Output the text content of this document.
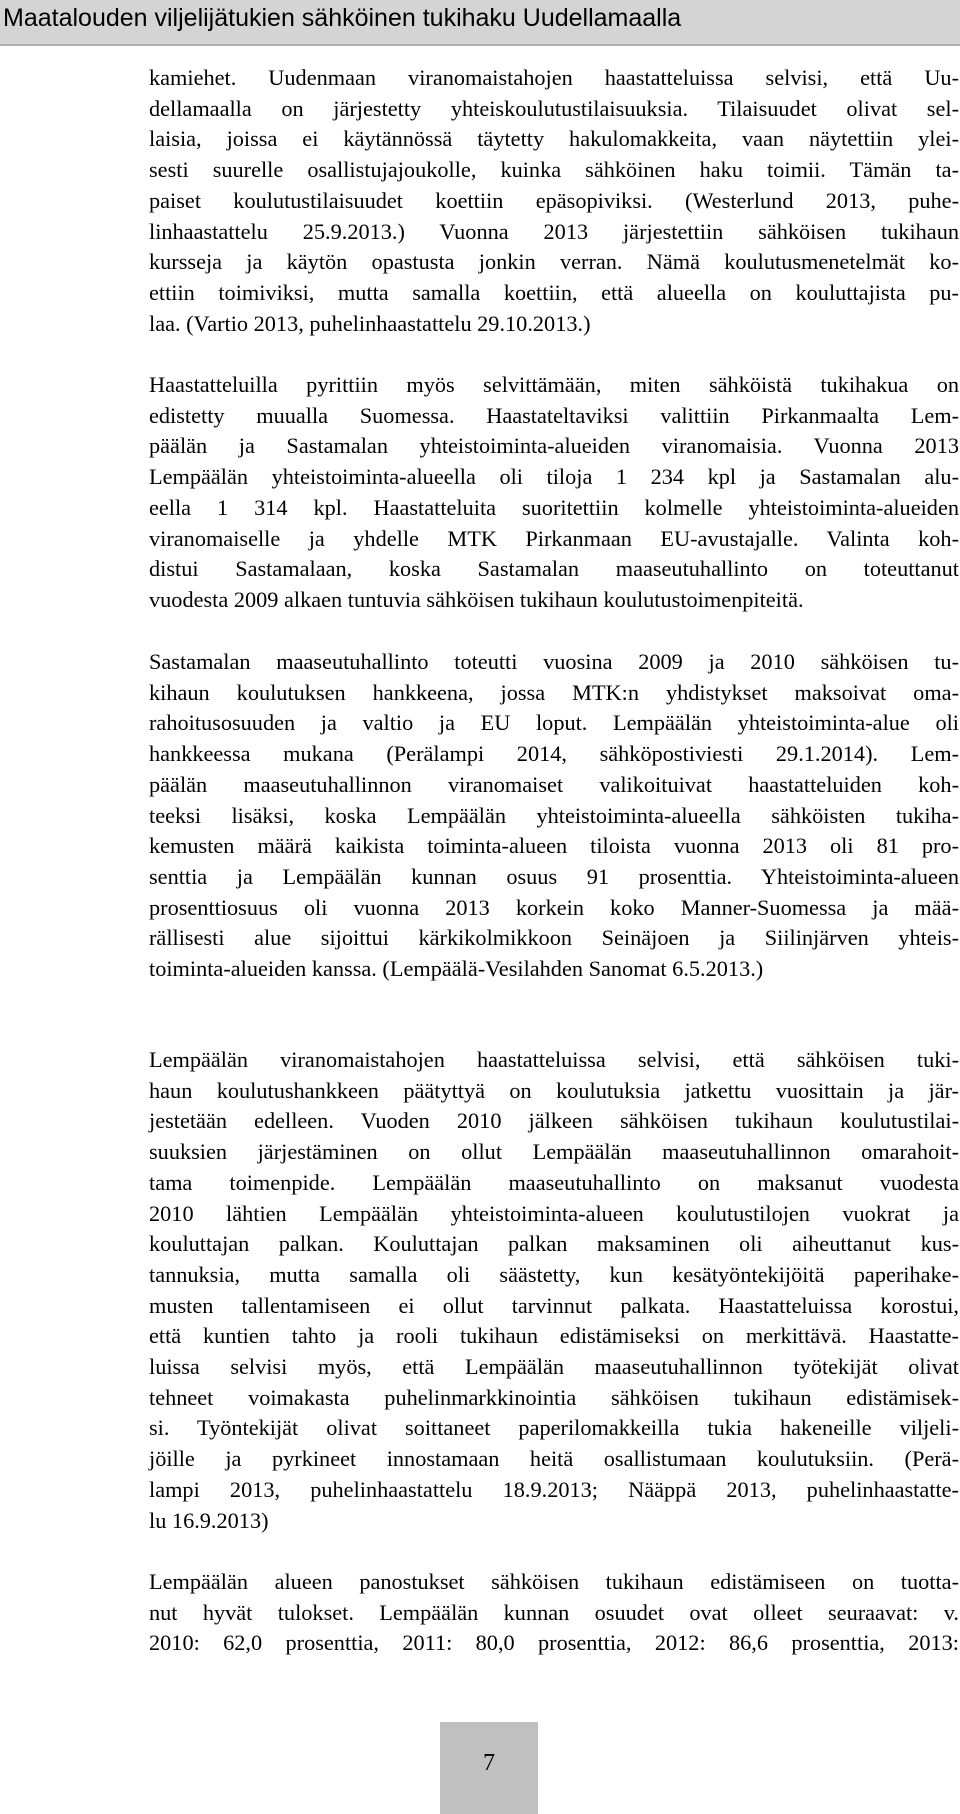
Maatalouden viljelijätukien sähköinen tukihaku Uudellamaalla
kamiehet. Uudenmaan viranomaistahojen haastatteluissa selvisi, että Uu-
dellamaalla on järjestetty yhteiskoulutustilaisuuksia. Tilaisuudet olivat sel-
laisia, joissa ei käytännössä täytetty hakulomakkeita, vaan näytettiin ylei-
sesti suurelle osallistujajoukolle, kuinka sähköinen haku toimii. Tämän ta-
paiset koulutustilaisuudet koettiin epäsopiviksi. (Westerlund 2013, puhe-
linhaastattelu 25.9.2013.) Vuonna 2013 järjestettiin sähköisen tukihaun
kursseja ja käytön opastusta jonkin verran. Nämä koulutusmenetelmät ko-
ettiin toimiviksi, mutta samalla koettiin, että alueella on kouluttajista pu-
laa. (Vartio 2013, puhelinhaastattelu 29.10.2013.)
Haastatteluilla pyrittiin myös selvittämään, miten sähköistä tukihakua on
edistetty muualla Suomessa. Haastateltaviksi valittiin Pirkanmaalta Lem-
päälän ja Sastamalan yhteistoiminta-alueiden viranomaisia. Vuonna 2013
Lempäälän yhteistoiminta-alueella oli tiloja 1 234 kpl ja Sastamalan alu-
eella 1 314 kpl. Haastatteluita suoritettiin kolmelle yhteistoiminta-alueiden
viranomaiselle ja yhdelle MTK Pirkanmaan EU-avustajalle. Valinta koh-
distui Sastamalaan, koska Sastamalan maaseutuhallinto on toteuttanut
vuodesta 2009 alkaen tuntuvia sähköisen tukihaun koulutustoimenpiteitä.
Sastamalan maaseutuhallinto toteutti vuosina 2009 ja 2010 sähköisen tu-
kihaun koulutuksen hankkeena, jossa MTK:n yhdistykset maksoivat oma-
rahoitusosuuden ja valtio ja EU loput. Lempäälän yhteistoiminta-alue oli
hankkeessa mukana (Perälampi 2014, sähköpostiviesti 29.1.2014). Lem-
päälän maaseutuhallinnon viranomaiset valikoituivat haastatteluiden koh-
teeksi lisäksi, koska Lempäälän yhteistoiminta-alueella sähköisten tukiha-
kemusten määrä kaikista toiminta-alueen tiloista vuonna 2013 oli 81 pro-
senttia ja Lempäälän kunnan osuus 91 prosenttia. Yhteistoiminta-alueen
prosenttiosuus oli vuonna 2013 korkein koko Manner-Suomessa ja mää-
rällisesti alue sijoittui kärkikolmikkoon Seinäjoen ja Siilinjärven yhteis-
toiminta-alueiden kanssa. (Lempäälä-Vesilahden Sanomat 6.5.2013.)
Lempäälän viranomaistahojen haastatteluissa selvisi, että sähköisen tuki-
haun koulutushankkeen päätyttyä on koulutuksia jatkettu vuosittain ja jär-
jestetään edelleen. Vuoden 2010 jälkeen sähköisen tukihaun koulutustilai-
suuksien järjestäminen on ollut Lempäälän maaseutuhallinnon omarahoit-
tama toimenpide. Lempäälän maaseutuhallinto on maksanut vuodesta
2010 lähtien Lempäälän yhteistoiminta-alueen koulutustilojen vuokrat ja
kouluttajan palkan. Kouluttajan palkan maksaminen oli aiheuttanut kus-
tannuksia, mutta samalla oli säästetty, kun kesätyöntekijöitä paperihake-
musten tallentamiseen ei ollut tarvinnut palkata. Haastatteluissa korostui,
että kuntien tahto ja rooli tukihaun edistämiseksi on merkittävä. Haastatte-
luissa selvisi myös, että Lempäälän maaseutuhallinnon työtekijät olivat
tehneet voimakasta puhelinmarkkinointia sähköisen tukihaun edistämisek-
si. Työntekijät olivat soittaneet paperilomakkeilla tukia hakeneille viljeli-
jöille ja pyrkineet innostamaan heitä osallistumaan koulutuksiin. (Perä-
lampi 2013, puhelinhaastattelu 18.9.2013; Nääppä 2013, puhelinhaastatte-
lu 16.9.2013)
Lempäälän alueen panostukset sähköisen tukihaun edistämiseen on tuotta-
nut hyvät tulokset. Lempäälän kunnan osuudet ovat olleet seuraavat: v.
2010: 62,0 prosenttia, 2011: 80,0 prosenttia, 2012: 86,6 prosenttia, 2013:
7
